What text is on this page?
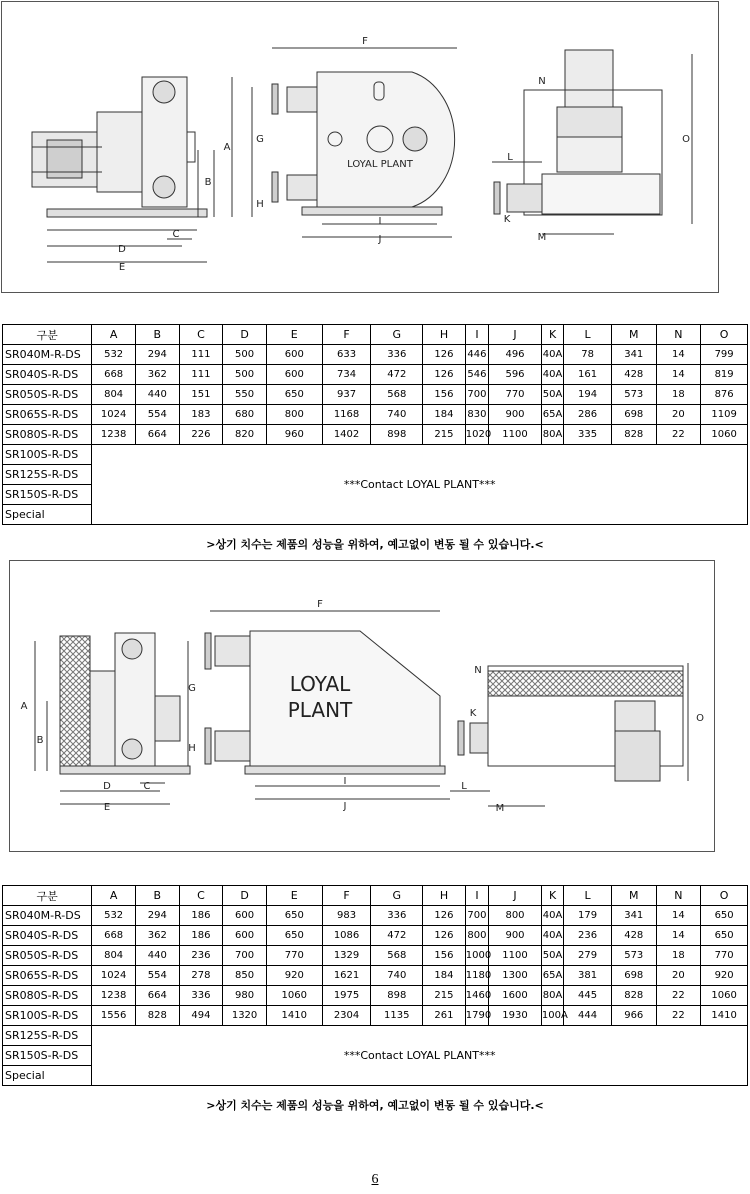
F
A
B
C
D
E
G
H
I
J
N
L
K
M
O
LOYAL PLANT
구분	A	B	C	D	E	F	G	H	I	J	K	L	M	N	O
SR040M-R-DS	532	294	111	500	600	633	336	126	446	496	40A	78	341	14	799
SR040S-R-DS	668	362	111	500	600	734	472	126	546	596	40A	161	428	14	819
SR050S-R-DS	804	440	151	550	650	937	568	156	700	770	50A	194	573	18	876
SR065S-R-DS	1024	554	183	680	800	1168	740	184	830	900	65A	286	698	20	1109
SR080S-R-DS	1238	664	226	820	960	1402	898	215	1020	1100	80A	335	828	22	1060
SR100S-R-DS	***Contact LOYAL PLANT***														
SR125S-R-DS															
SR150S-R-DS															
Special															
>상기 치수는 제품의 성능을 위하여, 예고없이 변동 될 수 있습니다.<
F
A
B
C
D
E
G
H
I
J
N
K
L
M
O
LOYAL
PLANT
구분	A	B	C	D	E	F	G	H	I	J	K	L	M	N	O
SR040M-R-DS	532	294	186	600	650	983	336	126	700	800	40A	179	341	14	650
SR040S-R-DS	668	362	186	600	650	1086	472	126	800	900	40A	236	428	14	650
SR050S-R-DS	804	440	236	700	770	1329	568	156	1000	1100	50A	279	573	18	770
SR065S-R-DS	1024	554	278	850	920	1621	740	184	1180	1300	65A	381	698	20	920
SR080S-R-DS	1238	664	336	980	1060	1975	898	215	1460	1600	80A	445	828	22	1060
SR100S-R-DS	1556	828	494	1320	1410	2304	1135	261	1790	1930	100A	444	966	22	1410
SR125S-R-DS	***Contact LOYAL PLANT***														
SR150S-R-DS															
Special															
>상기 치수는 제품의 성능을 위하여, 예고없이 변동 될 수 있습니다.<
6
